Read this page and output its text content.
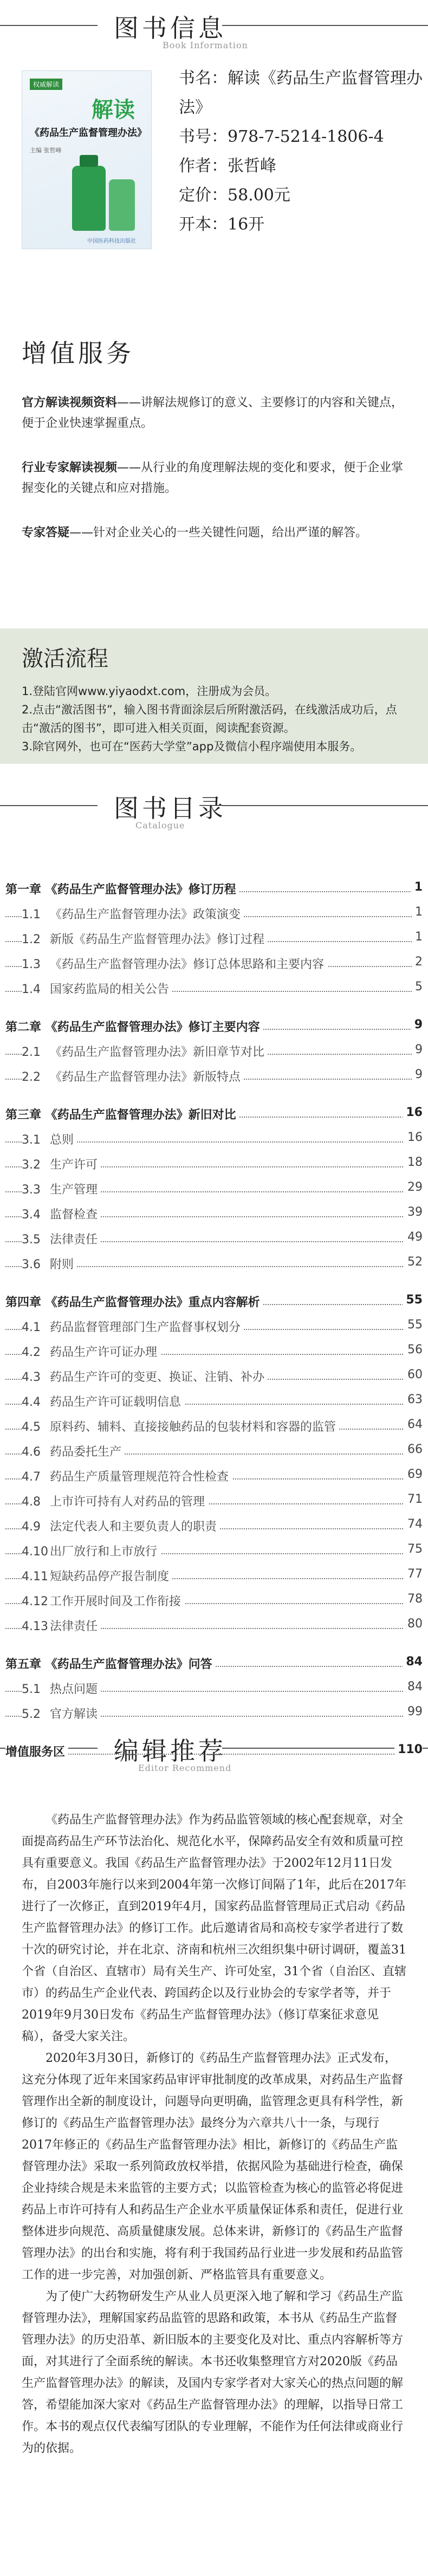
图书信息
Book Information
权威解读
解读
《药品生产监督管理办法》
主编 张哲峰
中国医药科技出版社
书名：解读《药品生产监督管理办法》
书号：978-7-5214-1806-4
作者：张哲峰
定价：58.00元
开本：16开
增值服务
官方解读视频资料——讲解法规修订的意义、主要修订的内容和关键点，便于企业快速掌握重点。
行业专家解读视频——从行业的角度理解法规的变化和要求，便于企业掌握变化的关键点和应对措施。
专家答疑——针对企业关心的一些关键性问题，给出严谨的解答。
激活流程
1.登陆官网www.yiyaodxt.com，注册成为会员。
2.点击“激活图书”，输入图书背面涂层后所附激活码，在线激活成功后，点击“激活的图书”，即可进入相关页面，阅读配套资源。
3.除官网外，也可在“医药大学堂”app及微信小程序端使用本服务。
图书目录
Catalogue
第一章 《药品生产监督管理办法》修订历程	1
1.1 《药品生产监督管理办法》政策演变	1
1.2 新版《药品生产监督管理办法》修订过程	1
1.3 《药品生产监督管理办法》修订总体思路和主要内容	2
1.4 国家药监局的相关公告	5
第二章 《药品生产监督管理办法》修订主要内容	9
2.1 《药品生产监督管理办法》新旧章节对比	9
2.2 《药品生产监督管理办法》新版特点	9
第三章 《药品生产监督管理办法》新旧对比	16
3.1 总则	16
3.2 生产许可	18
3.3 生产管理	29
3.4 监督检查	39
3.5 法律责任	49
3.6 附则	52
第四章 《药品生产监督管理办法》重点内容解析	55
4.1 药品监督管理部门生产监督事权划分	55
4.2 药品生产许可证办理	56
4.3 药品生产许可的变更、换证、注销、补办	60
4.4 药品生产许可证载明信息	63
4.5 原料药、辅料、直接接触药品的包装材料和容器的监管	64
4.6 药品委托生产	66
4.7 药品生产质量管理规范符合性检查	69
4.8 上市许可持有人对药品的管理	71
4.9 法定代表人和主要负责人的职责	74
4.10 出厂放行和上市放行	75
4.11 短缺药品停产报告制度	77
4.12 工作开展时间及工作衔接	78
4.13 法律责任	80
第五章 《药品生产监督管理办法》问答	84
5.1 热点问题	84
5.2 官方解读	99
增值服务区	110
编辑推荐
Editor Recommend

《药品生产监督管理办法》作为药品监管领域的核心配套规章，对全面提高药品生产环节法治化、规范化水平，保障药品安全有效和质量可控具有重要意义。我国《药品生产监督管理办法》于2002年12月11日发布，自2003年施行以来到2004年第一次修订间隔了1年，此后在2017年进行了一次修正，直到2019年4月，国家药品监督管理局正式启动《药品生产监督管理办法》的修订工作。此后邀请省局和高校专家学者进行了数十次的研究讨论，并在北京、济南和杭州三次组织集中研讨调研，覆盖31个省（自治区、直辖市）局有关生产、许可处室，31个省（自治区、直辖市）的药品生产企业代表、跨国药企以及行业协会的专家学者等，并于2019年9月30日发布《药品生产监督管理办法》（修订草案征求意见稿），备受大家关注。

2020年3月30日，新修订的《药品生产监督管理办法》正式发布，这充分体现了近年来国家药品审评审批制度的改革成果，对药品生产监督管理作出全新的制度设计，问题导向更明确，监管理念更具有科学性，新修订的《药品生产监督管理办法》最终分为六章共八十一条，与现行2017年修正的《药品生产监督管理办法》相比，新修订的《药品生产监督管理办法》采取一系列简政放权举措，依据风险为基础进行检查，确保企业持续合规是未来监管的主要方式；以监管检查为核心的监管必将促进药品上市许可持有人和药品生产企业水平质量保证体系和责任，促进行业整体进步向规范、高质量健康发展。总体来讲，新修订的《药品生产监督管理办法》的出台和实施，将有利于我国药品行业进一步发展和药品监管工作的进一步完善，对加强创新、严格监管具有重要意义。

为了使广大药物研发生产从业人员更深入地了解和学习《药品生产监督管理办法》，理解国家药品监管的思路和政策，本书从《药品生产监督管理办法》的历史沿革、新旧版本的主要变化及对比、重点内容解析等方面，对其进行了全面系统的解读。本书还收集整理官方对2020版《药品生产监督管理办法》的解读，及国内专家学者对大家关心的热点问题的解答，希望能加深大家对《药品生产监督管理办法》的理解，以指导日常工作。本书的观点仅代表编写团队的专业理解，不能作为任何法律或商业行为的依据。
